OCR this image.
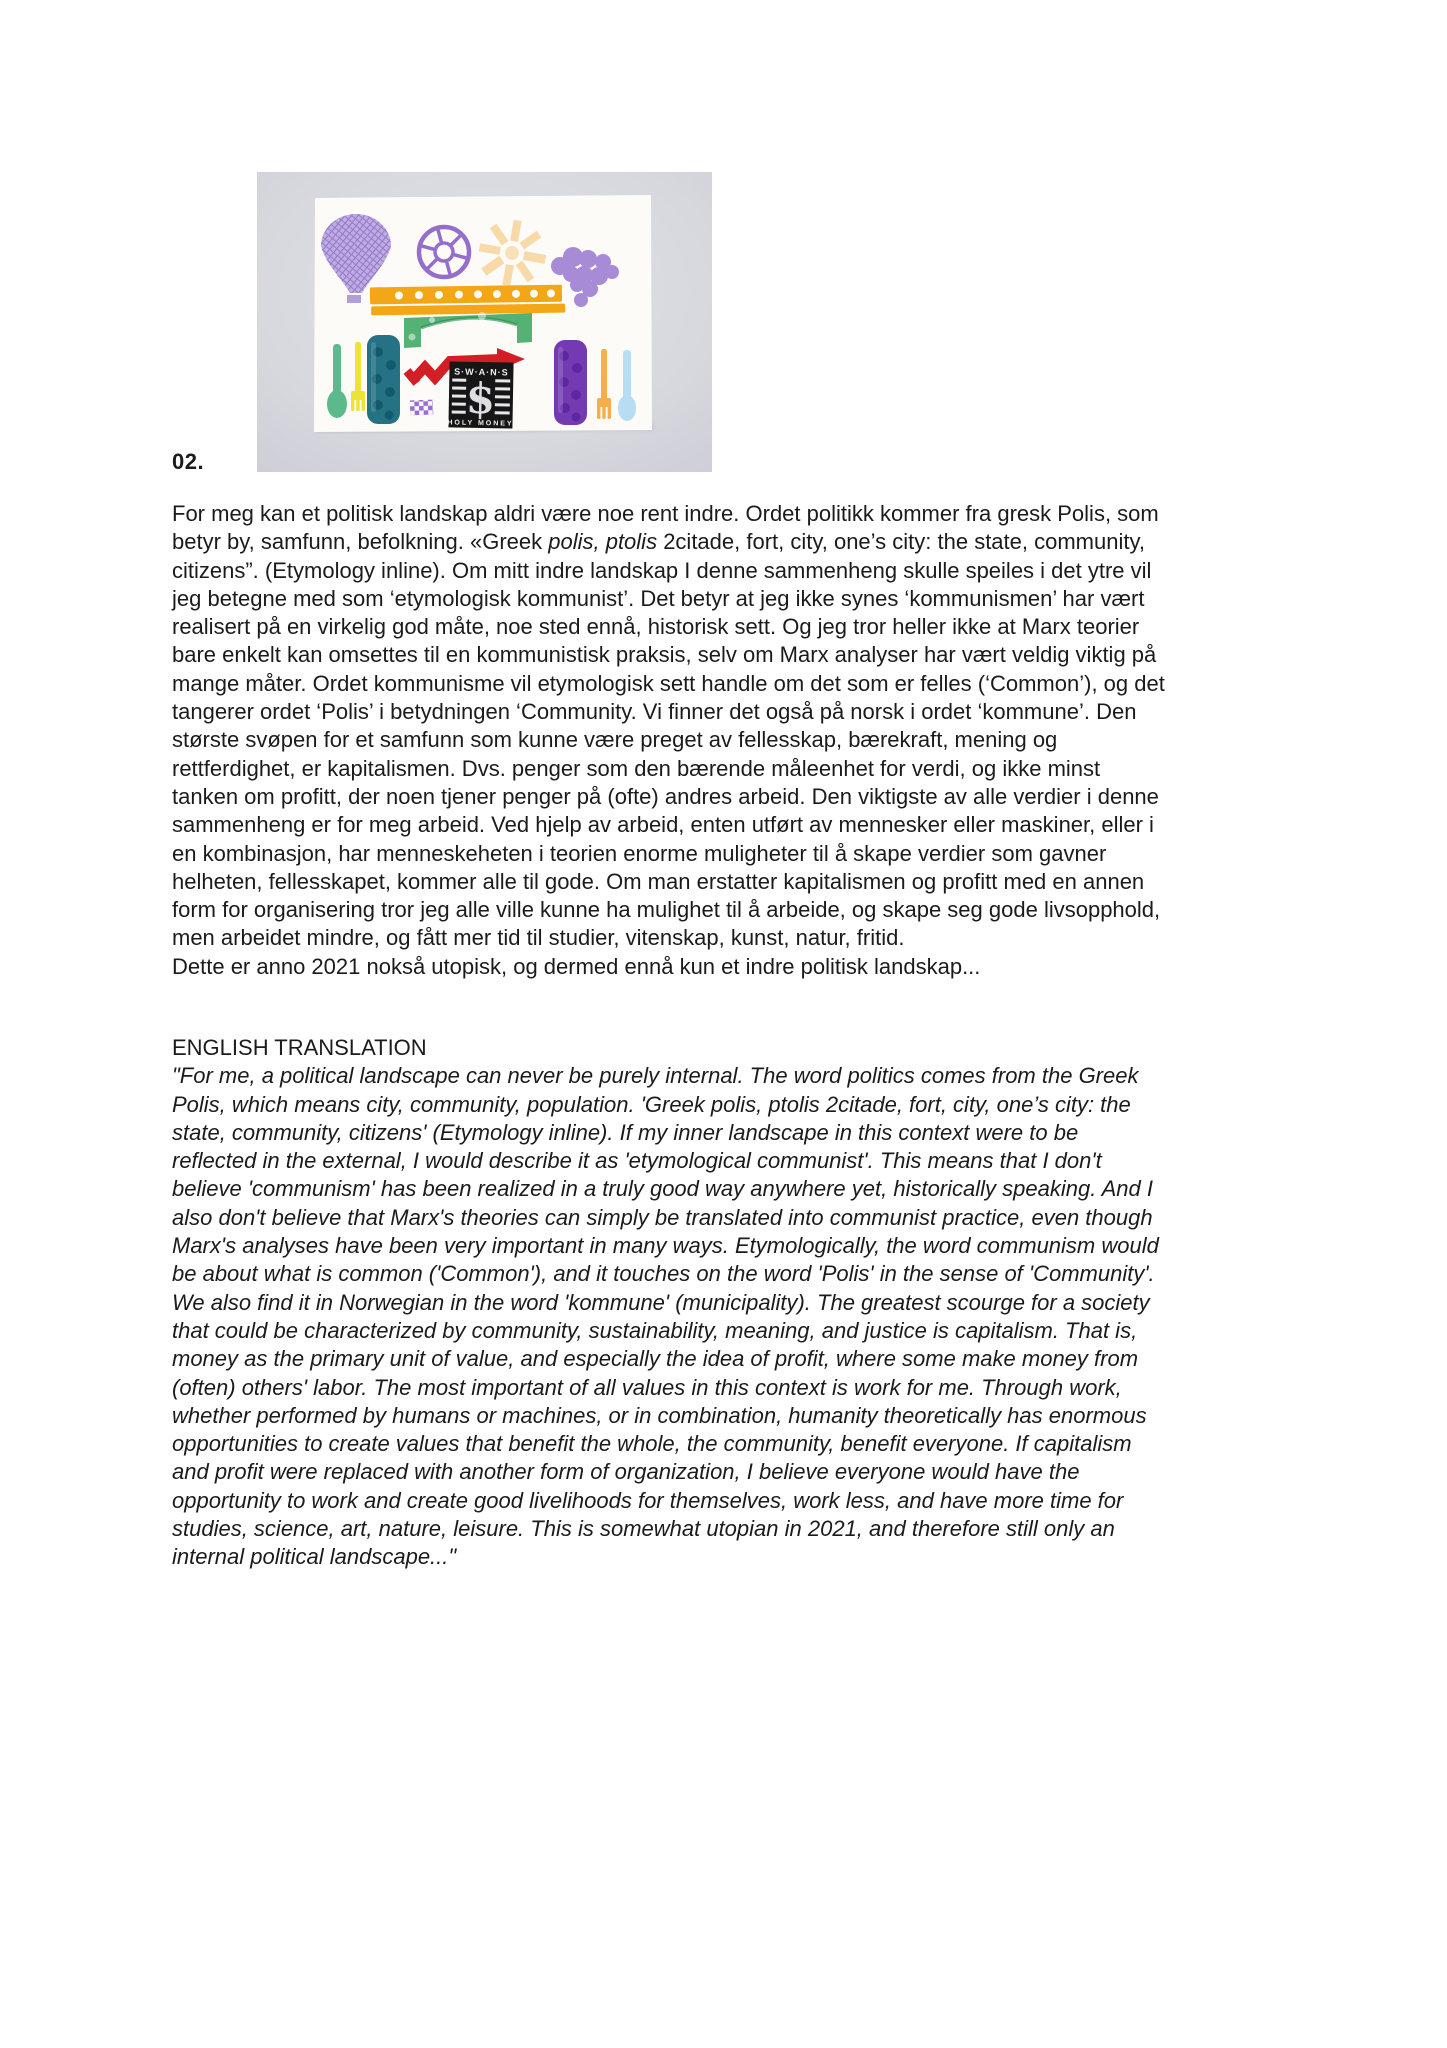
S·W·A·N·S
$
HOLY MONEY
02.
For meg kan et politisk landskap aldri være noe rent indre. Ordet politikk kommer fra gresk Polis, som
betyr by, samfunn, befolkning. «Greek polis, ptolis 2citade, fort, city, one’s city: the state, community,
citizens”. (Etymology inline). Om mitt indre landskap I denne sammenheng skulle speiles i det ytre vil
jeg betegne med som ‘etymologisk kommunist’. Det betyr at jeg ikke synes ‘kommunismen’ har vært
realisert på en virkelig god måte, noe sted ennå, historisk sett. Og jeg tror heller ikke at Marx teorier
bare enkelt kan omsettes til en kommunistisk praksis, selv om Marx analyser har vært veldig viktig på
mange måter. Ordet kommunisme vil etymologisk sett handle om det som er felles (‘Common’), og det
tangerer ordet ‘Polis’ i betydningen ‘Community. Vi finner det også på norsk i ordet ‘kommune’. Den
største svøpen for et samfunn som kunne være preget av fellesskap, bærekraft, mening og
rettferdighet, er kapitalismen. Dvs. penger som den bærende måleenhet for verdi, og ikke minst
tanken om profitt, der noen tjener penger på (ofte) andres arbeid. Den viktigste av alle verdier i denne
sammenheng er for meg arbeid. Ved hjelp av arbeid, enten utført av mennesker eller maskiner, eller i
en kombinasjon, har menneskeheten i teorien enorme muligheter til å skape verdier som gavner
helheten, fellesskapet, kommer alle til gode. Om man erstatter kapitalismen og profitt med en annen
form for organisering tror jeg alle ville kunne ha mulighet til å arbeide, og skape seg gode livsopphold,
men arbeidet mindre, og fått mer tid til studier, vitenskap, kunst, natur, fritid.
Dette er anno 2021 nokså utopisk, og dermed ennå kun et indre politisk landskap...
ENGLISH TRANSLATION
"For me, a political landscape can never be purely internal. The word politics comes from the Greek
Polis, which means city, community, population. 'Greek polis, ptolis 2citade, fort, city, one’s city: the
state, community, citizens' (Etymology inline). If my inner landscape in this context were to be
reflected in the external, I would describe it as 'etymological communist'. This means that I don't
believe 'communism' has been realized in a truly good way anywhere yet, historically speaking. And I
also don't believe that Marx's theories can simply be translated into communist practice, even though
Marx's analyses have been very important in many ways. Etymologically, the word communism would
be about what is common ('Common'), and it touches on the word 'Polis' in the sense of 'Community'.
We also find it in Norwegian in the word 'kommune' (municipality). The greatest scourge for a society
that could be characterized by community, sustainability, meaning, and justice is capitalism. That is,
money as the primary unit of value, and especially the idea of profit, where some make money from
(often) others' labor. The most important of all values in this context is work for me. Through work,
whether performed by humans or machines, or in combination, humanity theoretically has enormous
opportunities to create values that benefit the whole, the community, benefit everyone. If capitalism
and profit were replaced with another form of organization, I believe everyone would have the
opportunity to work and create good livelihoods for themselves, work less, and have more time for
studies, science, art, nature, leisure. This is somewhat utopian in 2021, and therefore still only an
internal political landscape..."
